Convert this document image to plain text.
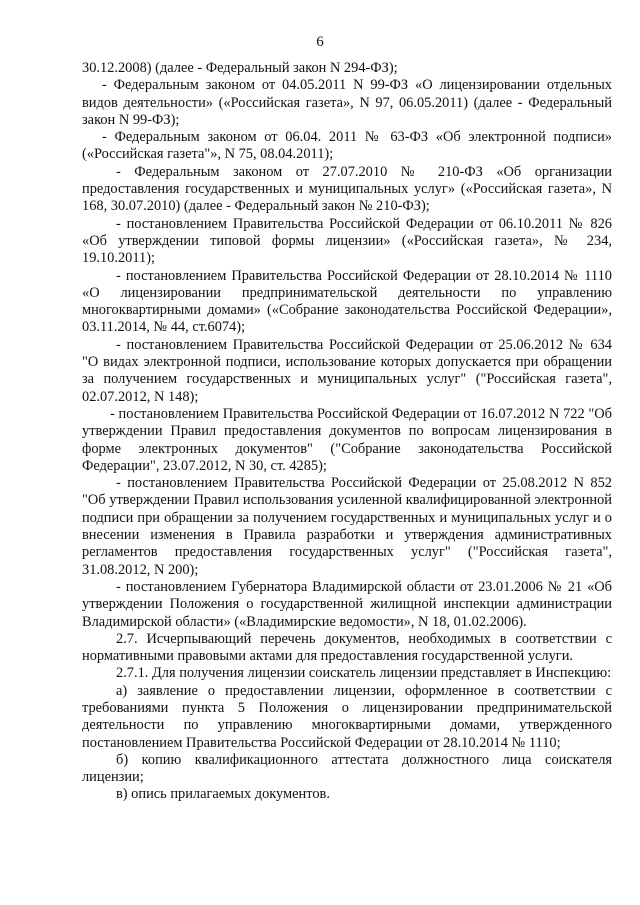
6

30.12.2008) (далее - Федеральный закон N 294-ФЗ);

- Федеральным законом от 04.05.2011 N 99-ФЗ «О лицензировании отдельных видов деятельности» («Российская газета», N 97, 06.05.2011) (далее - Федеральный закон N 99-ФЗ);

- Федеральным законом от 06.04. 2011 № 63-ФЗ «Об электронной подписи» («Российская газета"», N 75, 08.04.2011);

- Федеральным законом от 27.07.2010 № 210-ФЗ «Об организации предоставления государственных и муниципальных услуг» («Российская газета», N 168, 30.07.2010) (далее - Федеральный закон № 210-ФЗ);

- постановлением Правительства Российской Федерации от 06.10.2011 № 826 «Об утверждении типовой формы лицензии» («Российская газета», № 234, 19.10.2011);

- постановлением Правительства Российской Федерации от 28.10.2014 № 1110 «О лицензировании предпринимательской деятельности по управлению многоквартирными домами» («Собрание законодательства Российской Федерации», 03.11.2014, № 44, ст.6074);

- постановлением Правительства Российской Федерации от 25.06.2012 № 634 "О видах электронной подписи, использование которых допускается при обращении за получением государственных и муниципальных услуг" ("Российская газета", 02.07.2012, N 148);

- постановлением Правительства Российской Федерации от 16.07.2012 N 722 "Об утверждении Правил предоставления документов по вопросам лицензирования в форме электронных документов" ("Собрание законодательства Российской Федерации", 23.07.2012, N 30, ст. 4285);

- постановлением Правительства Российской Федерации от 25.08.2012 N 852 "Об утверждении Правил использования усиленной квалифицированной электронной подписи при обращении за получением государственных и муниципальных услуг и о внесении изменения в Правила разработки и утверждения административных регламентов предоставления государственных услуг" ("Российская газета", 31.08.2012, N 200);

- постановлением Губернатора Владимирской области от 23.01.2006 № 21 «Об утверждении Положения о государственной жилищной инспекции администрации Владимирской области» («Владимирские ведомости», N 18, 01.02.2006).

2.7. Исчерпывающий перечень документов, необходимых в соответствии с нормативными правовыми актами для предоставления государственной услуги.

2.7.1. Для получения лицензии соискатель лицензии представляет в Инспекцию:

а) заявление о предоставлении лицензии, оформленное в соответствии с требованиями пункта 5 Положения о лицензировании предпринимательской деятельности по управлению многоквартирными домами, утвержденного постановлением Правительства Российской Федерации от 28.10.2014 № 1110;

б) копию квалификационного аттестата должностного лица соискателя лицензии;

в) опись прилагаемых документов.
